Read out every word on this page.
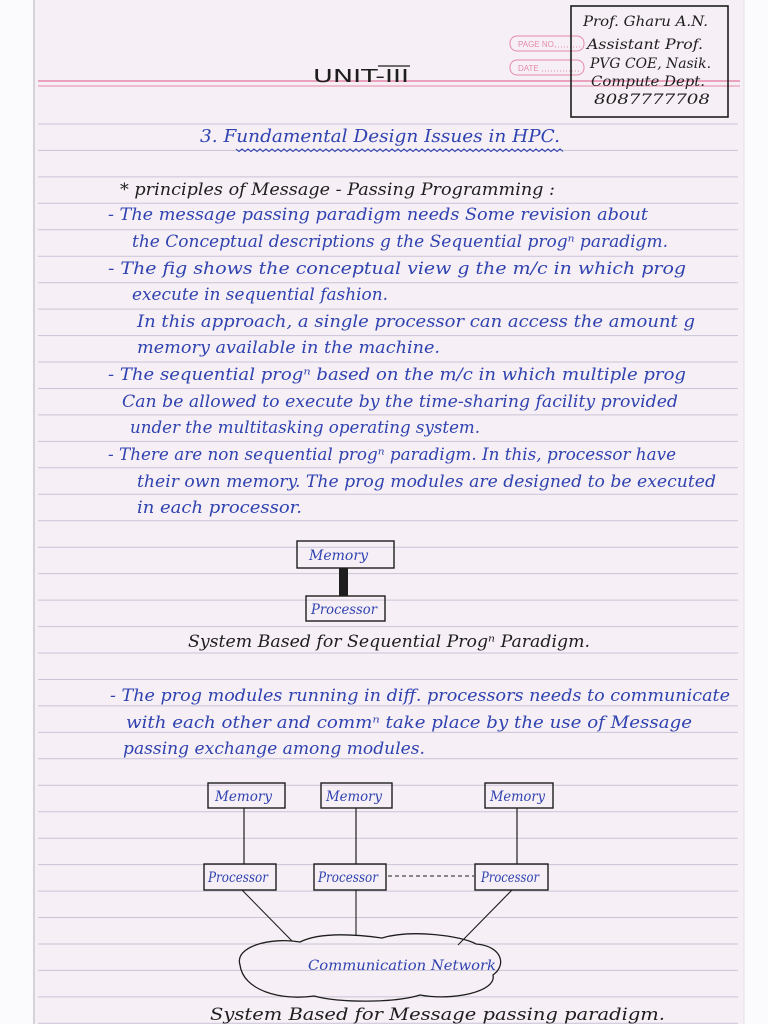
PAGE NO.
DATE
Prof. Gharu A.N.
Assistant Prof.
PVG COE, Nasik.
Compute Dept.
8087777708
UNIT-III
3. Fundamental Design Issues in HPC.
* principles of Message - Passing Programming :
- The message passing paradigm needs Some revision about
the Conceptual descriptions g the Sequential progⁿ paradigm.
- The fig shows the conceptual view g the m/c in which prog
execute in sequential fashion.
In this approach, a single processor can access the amount g
memory available in the machine.
- The sequential progⁿ based on the m/c in which multiple prog
Can be allowed to execute by the time-sharing facility provided
under the multitasking operating system.
- There are non sequential progⁿ paradigm. In this, processor have
their own memory. The prog modules are designed to be executed
in each processor.
Memory
Processor
System Based for Sequential Progⁿ Paradigm.
- The prog modules running in diff. processors needs to communicate
with each other and commⁿ take place by the use of Message
passing exchange among modules.
Memory	Memory	Memory
Processor	Processor	Processor
Communication Network
System Based for Message passing paradigm.
